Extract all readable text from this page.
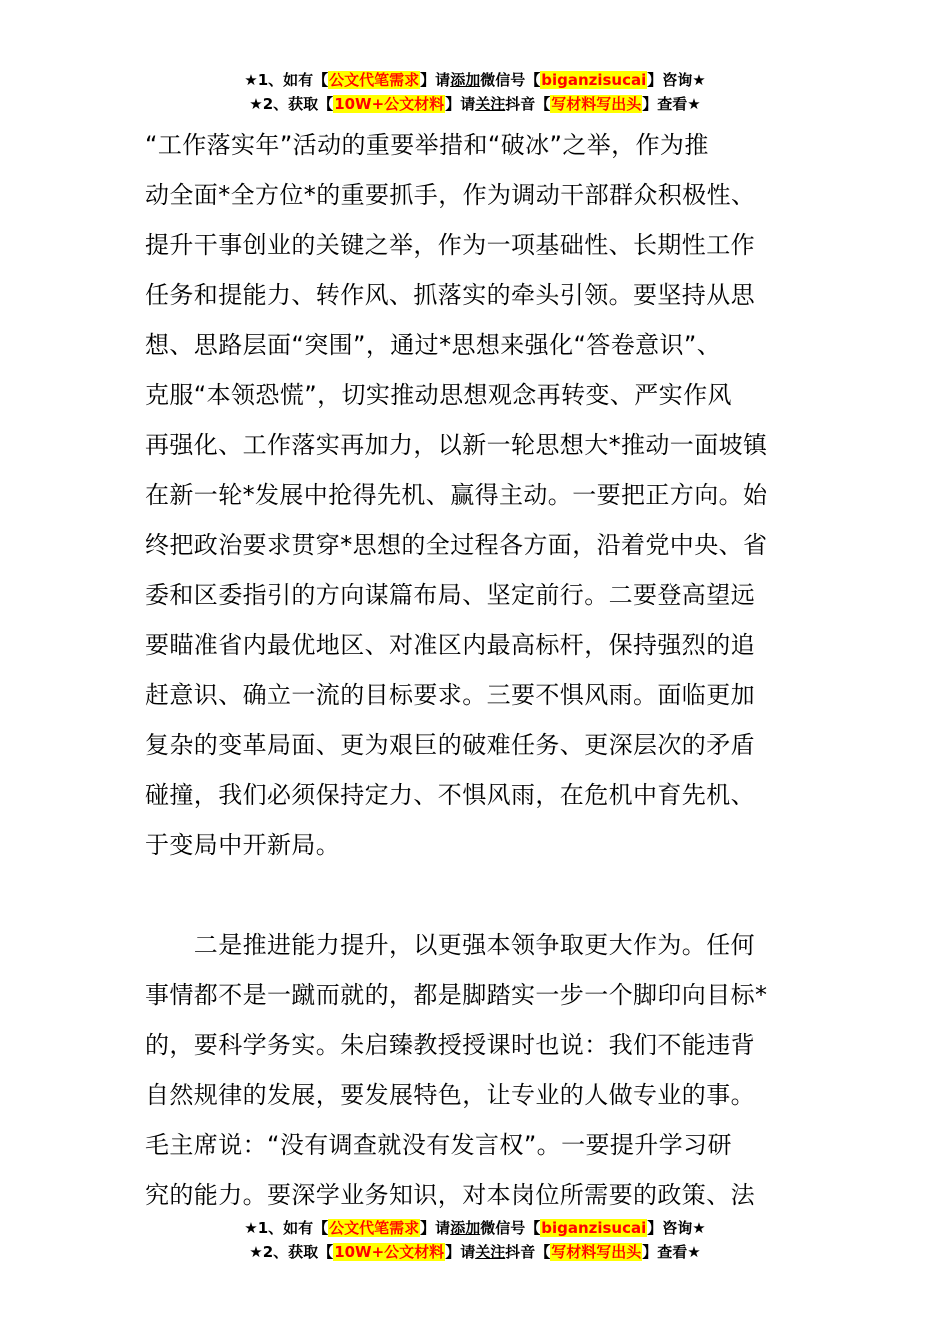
★1、如有【公文代笔需求】请添加微信号【biganzisucai】咨询★
★2、获取【10W+公文材料】请关注抖音【写材料写出头】查看★
“工作落实年”活动的重要举措和“破冰”之举，作为推
动全面*全方位*的重要抓手，作为调动干部群众积极性、
提升干事创业的关键之举，作为一项基础性、长期性工作
任务和提能力、转作风、抓落实的牵头引领。要坚持从思
想、思路层面“突围”，通过*思想来强化“答卷意识”、
克服“本领恐慌”，切实推动思想观念再转变、严实作风
再强化、工作落实再加力，以新一轮思想大*推动一面坡镇
在新一轮*发展中抢得先机、赢得主动。一要把正方向。始
终把政治要求贯穿*思想的全过程各方面，沿着党中央、省
委和区委指引的方向谋篇布局、坚定前行。二要登高望远
要瞄准省内最优地区、对准区内最高标杆，保持强烈的追
赶意识、确立一流的目标要求。三要不惧风雨。面临更加
复杂的变革局面、更为艰巨的破难任务、更深层次的矛盾
碰撞，我们必须保持定力、不惧风雨，在危机中育先机、
于变局中开新局。
　　二是推进能力提升，以更强本领争取更大作为。任何
事情都不是一蹴而就的，都是脚踏实一步一个脚印向目标*
的，要科学务实。朱启臻教授授课时也说：我们不能违背
自然规律的发展，要发展特色，让专业的人做专业的事。
毛主席说：“没有调查就没有发言权”。一要提升学习研
究的能力。要深学业务知识，对本岗位所需要的政策、法
★1、如有【公文代笔需求】请添加微信号【biganzisucai】咨询★
★2、获取【10W+公文材料】请关注抖音【写材料写出头】查看★
